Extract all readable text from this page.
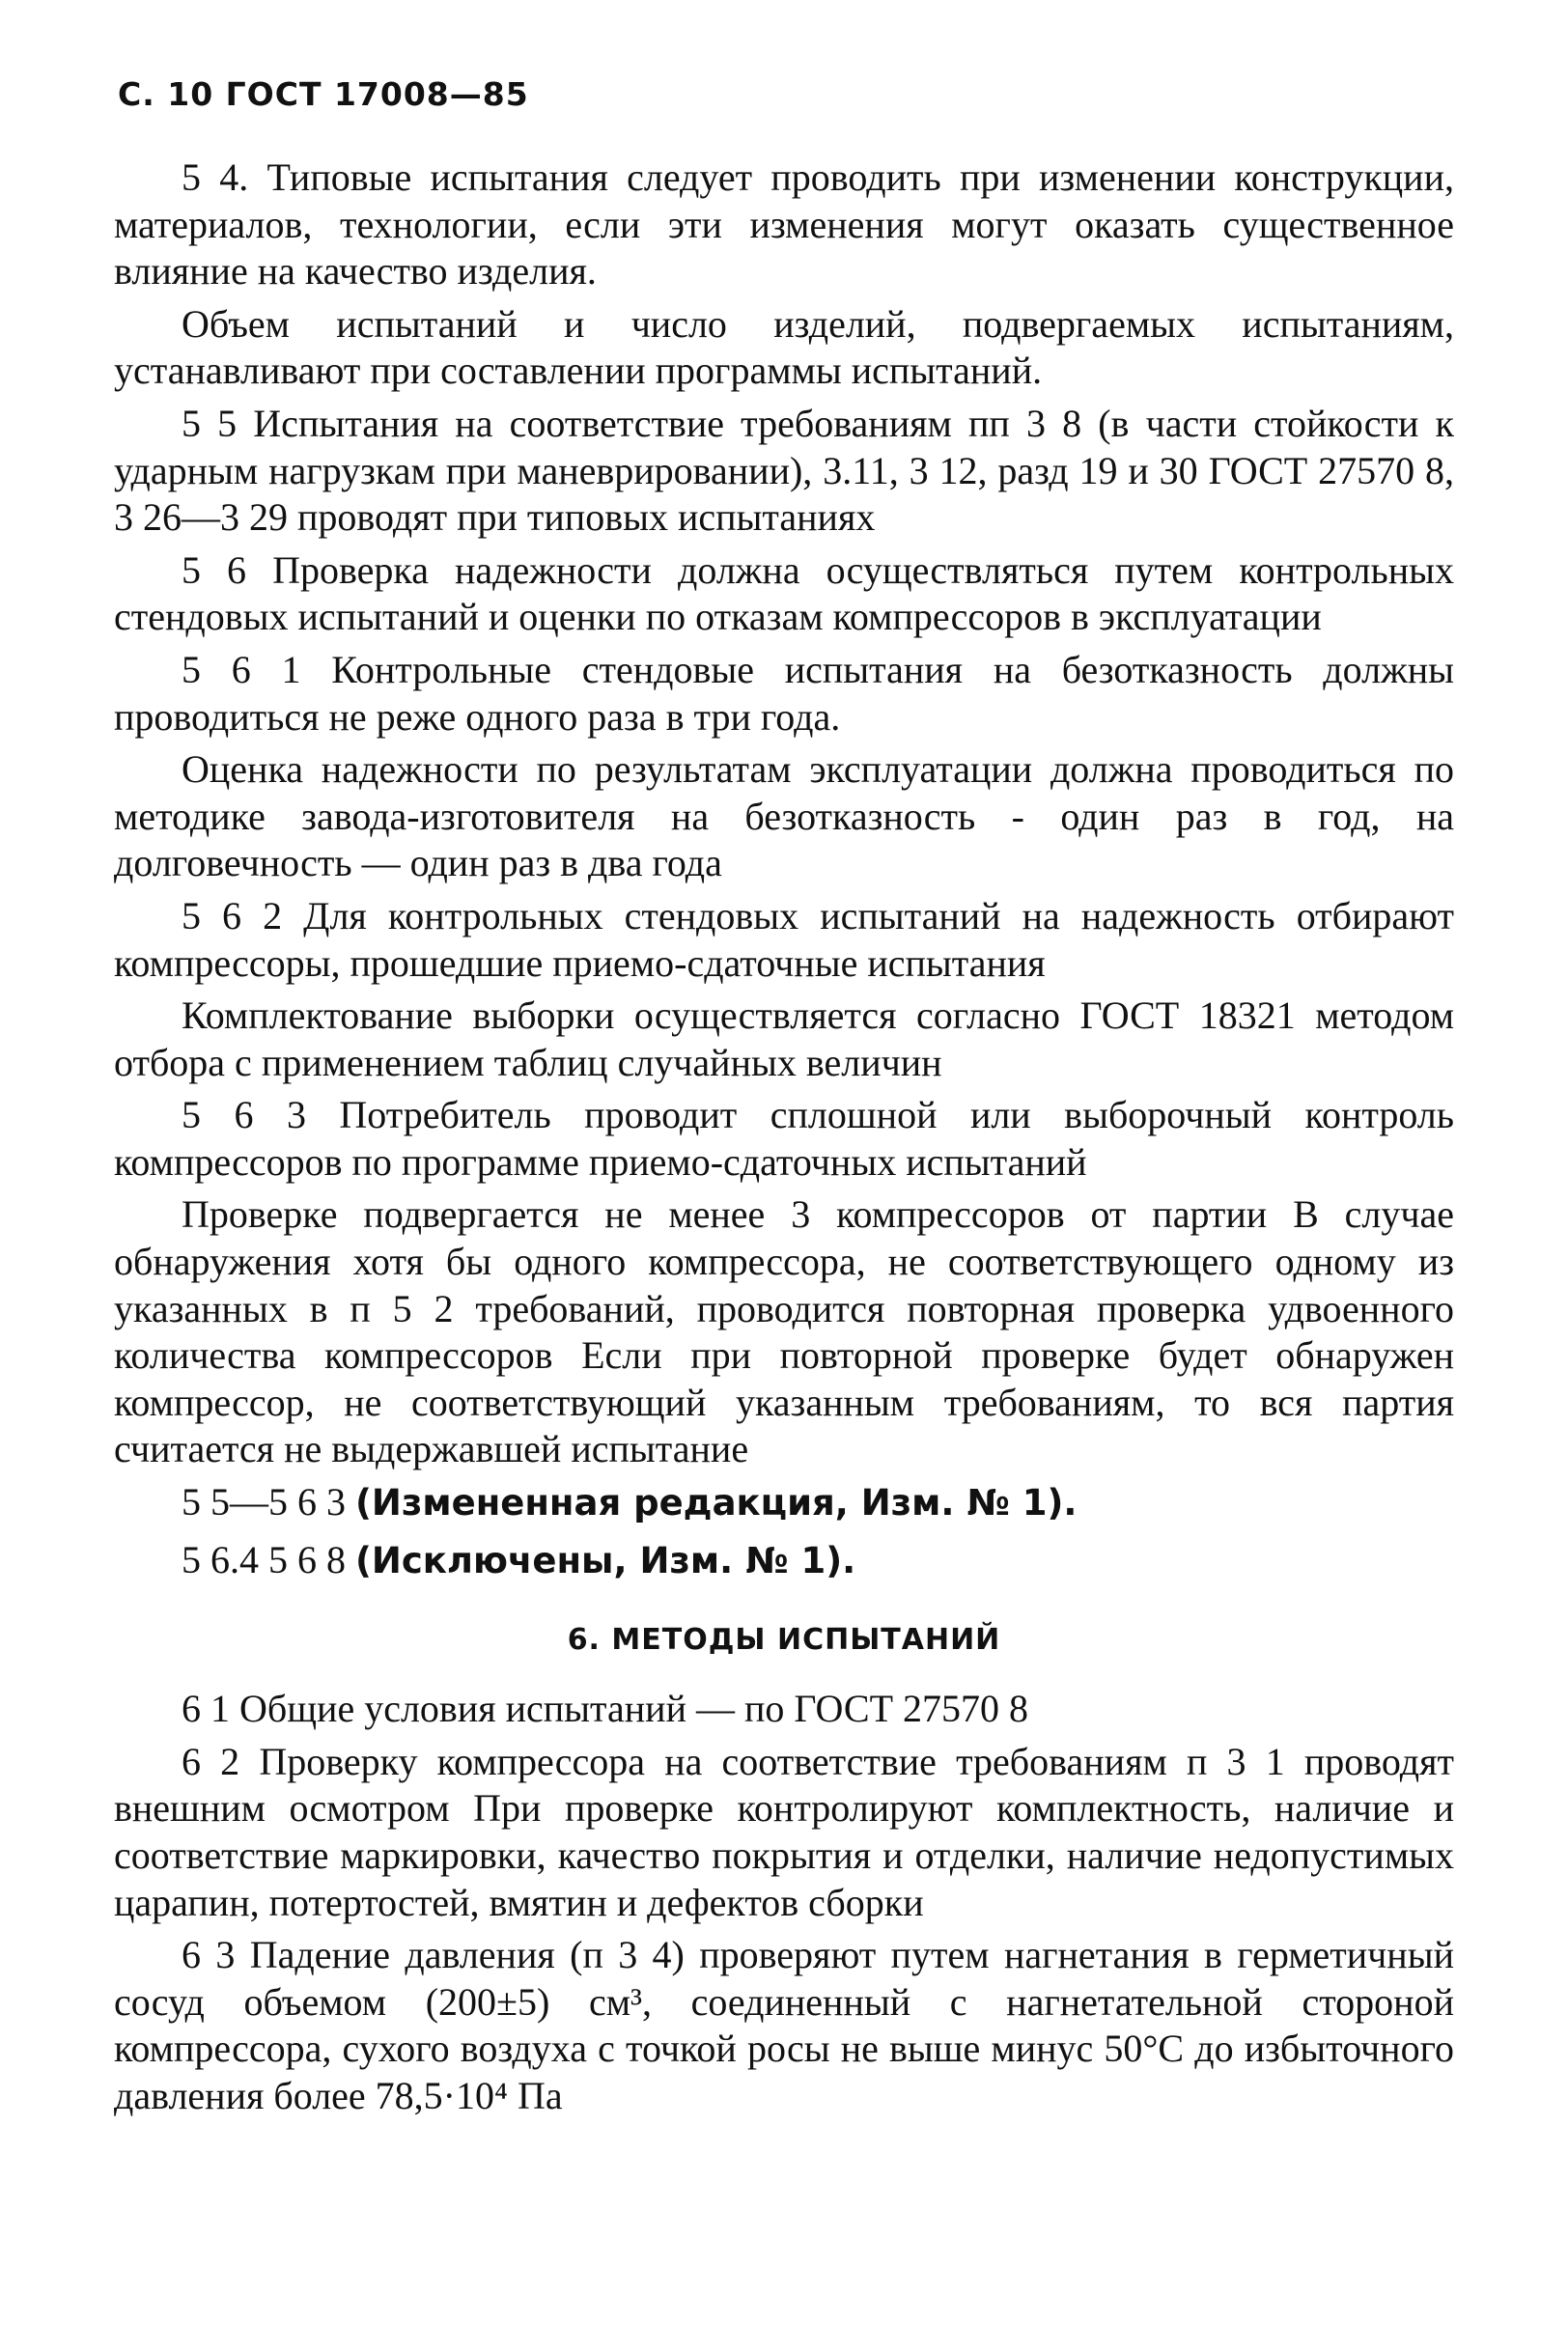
С. 10 ГОСТ 17008—85

5 4. Типовые испытания следует проводить при изменении конструкции, материалов, технологии, если эти изменения могут оказать существенное влияние на качество изделия.

Объем испытаний и число изделий, подвергаемых испытаниям, устанавливают при составлении программы испытаний.

5 5 Испытания на соответствие требованиям пп 3 8 (в части стойкости к ударным нагрузкам при маневрировании), 3.11, 3 12, разд 19 и 30 ГОСТ 27570 8, 3 26—3 29 проводят при типовых испытаниях

5 6 Проверка надежности должна осуществляться путем контрольных стендовых испытаний и оценки по отказам компрессоров в эксплуатации

5 6 1 Контрольные стендовые испытания на безотказность должны проводиться не реже одного раза в три года.

Оценка надежности по результатам эксплуатации должна проводиться по методике завода-изготовителя на безотказность - один раз в год, на долговечность — один раз в два года

5 6 2 Для контрольных стендовых испытаний на надежность отбирают компрессоры, прошедшие приемо-сдаточные испытания

Комплектование выборки осуществляется согласно ГОСТ 18321 методом отбора с применением таблиц случайных величин

5 6 3 Потребитель проводит сплошной или выборочный контроль компрессоров по программе приемо-сдаточных испытаний

Проверке подвергается не менее 3 компрессоров от партии В случае обнаружения хотя бы одного компрессора, не соответствующего одному из указанных в п 5 2 требований, проводится повторная проверка удвоенного количества компрессоров Если при повторной проверке будет обнаружен компрессор, не соответствующий указанным требованиям, то вся партия считается не выдержавшей испытание

5 5—5 6 3 (Измененная редакция, Изм. № 1).

5 6.4 5 6 8 (Исключены, Изм. № 1).

6. МЕТОДЫ ИСПЫТАНИЙ

6 1 Общие условия испытаний — по ГОСТ 27570 8

6 2 Проверку компрессора на соответствие требованиям п 3 1 проводят внешним осмотром При проверке контролируют комплектность, наличие и соответствие маркировки, качество покрытия и отделки, наличие недопустимых царапин, потертостей, вмятин и дефектов сборки

6 3 Падение давления (п 3 4) проверяют путем нагнетания в герметичный сосуд объемом (200±5) см³, соединенный с нагнетательной стороной компрессора, сухого воздуха с точкой росы не выше минус 50°C до избыточного давления более 78,5·10⁴ Па
